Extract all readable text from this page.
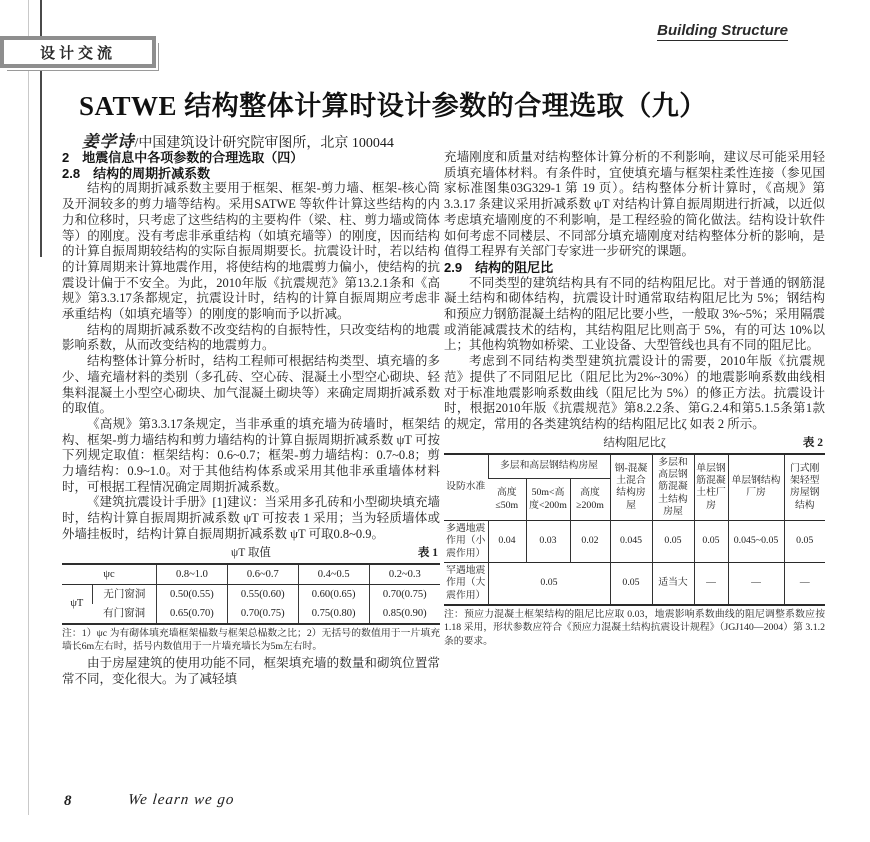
设计交流
Building Structure
SATWE 结构整体计算时设计参数的合理选取（九）
姜学诗/中国建筑设计研究院审图所，北京 100044
2　地震信息中各项参数的合理选取（四）
2.8　结构的周期折减系数

结构的周期折减系数主要用于框架、框架-剪力墙、框架-核心筒及开洞较多的剪力墙等结构。采用SATWE 等软件计算这些结构的内力和位移时，只考虑了这些结构的主要构件（梁、柱、剪力墙或筒体等）的刚度。没有考虑非承重结构（如填充墙等）的刚度，因而结构的计算自振周期较结构的实际自振周期要长。抗震设计时，若以结构的计算周期来计算地震作用，将使结构的地震剪力偏小，使结构的抗震设计偏于不安全。为此，2010年版《抗震规范》第13.2.1条和《高规》第3.3.17条都规定，抗震设计时，结构的计算自振周期应考虑非承重结构（如填充墙等）的刚度的影响而予以折减。

结构的周期折减系数不改变结构的自振特性，只改变结构的地震影响系数，从而改变结构的地震剪力。

结构整体计算分析时，结构工程师可根据结构类型、填充墙的多少、墙充墙材料的类别（多孔砖、空心砖、混凝土小型空心砌块、轻集料混凝土小型空心砌块、加气混凝土砌块等）来确定周期折减系数的取值。

《高规》第3.3.17条规定，当非承重的填充墙为砖墙时，框架结构、框架-剪力墙结构和剪力墙结构的计算自振周期折减系数 ψT 可按下列规定取值：框架结构：0.6~0.7；框架-剪力墙结构：0.7~0.8；剪力墙结构：0.9~1.0。对于其他结构体系或采用其他非承重墙体材料时，可根据工程情况确定周期折减系数。

《建筑抗震设计手册》[1]建议：当采用多孔砖和小型砌块填充墙时，结构计算自振周期折减系数 ψT 可按表 1 采用；当为轻质墙体或外墙挂板时，结构计算自振周期折减系数 ψT 可取0.8~0.9。

ψT 取值	表 1
ψc		0.8~1.0	0.6~0.7	0.4~0.5	0.2~0.3
ψT	无门窗洞	0.50(0.55)	0.55(0.60)	0.60(0.65)	0.70(0.75)
	有门窗洞	0.65(0.70)	0.70(0.75)	0.75(0.80)	0.85(0.90)
注：1）ψc 为有砌体填充墙框架榀数与框架总榀数之比；2）无括号的数值用于一片填充墙长6m左右时，括号内数值用于一片墙充墙长为5m左右时。

由于房屋建筑的使用功能不同，框架填充墙的数量和砌筑位置常常不同，变化很大。为了减轻填

充墙刚度和质量对结构整体计算分析的不利影响，建议尽可能采用轻质填充墙体材料。有条件时，宜使填充墙与框架柱柔性连接（参见国家标准图集03G329-1 第 19 页）。结构整体分析计算时，《高规》第 3.3.17 条建议采用折减系数 ψT 对结构计算自振周期进行折减，以近似考虑填充墙刚度的不利影响，是工程经验的简化做法。结构设计软件如何考虑不同楼层、不同部分填充墙刚度对结构整体分析的影响，是值得工程界有关部门专家进一步研究的课题。

2.9　结构的阻尼比

不同类型的建筑结构具有不同的结构阻尼比。对于普通的钢筋混凝土结构和砌体结构，抗震设计时通常取结构阻尼比为 5%；钢结构和预应力钢筋混凝土结构的阻尼比要小些，一般取 3%~5%；采用隔震或消能减震技术的结构，其结构阻尼比则高于 5%，有的可达 10%以上；其他构筑物如桥梁、工业设备、大型管线也具有不同的阻尼比。

考虑到不同结构类型建筑抗震设计的需要，2010年版《抗震规范》提供了不同阻尼比（阻尼比为2%~30%）的地震影响系数曲线相对于标准地震影响系数曲线（阻尼比为 5%）的修正方法。抗震设计时，根据2010年版《抗震规范》第8.2.2条、第G.2.4和第5.1.5条第1款的规定，常用的各类建筑结构的结构阻尼比ζ 如表 2 所示。

结构阻尼比ζ	表 2
设防水准	多层和高层钢结构房屋			钢-混凝土混合结构房屋	多层和高层钢筋混凝土结构房屋	单层钢筋混凝土柱厂房	单层钢结构厂房	门式刚架轻型房屋钢结构
	高度≤50m	50m<高度<200m	高度≥200m					
多遇地震作用（小震作用）	0.04	0.03	0.02	0.045	0.05	0.05	0.045~0.05	0.05
罕遇地震作用（大震作用）	0.05			0.05	适当大	—	—	—
注：预应力混凝土框架结构的阻尼比应取 0.03，地震影响系数曲线的阻尼调整系数应按 1.18 采用，形状参数应符合《预应力混凝土结构抗震设计规程》（JGJ140—2004）第 3.1.2 条的要求。
8	We learn we go
